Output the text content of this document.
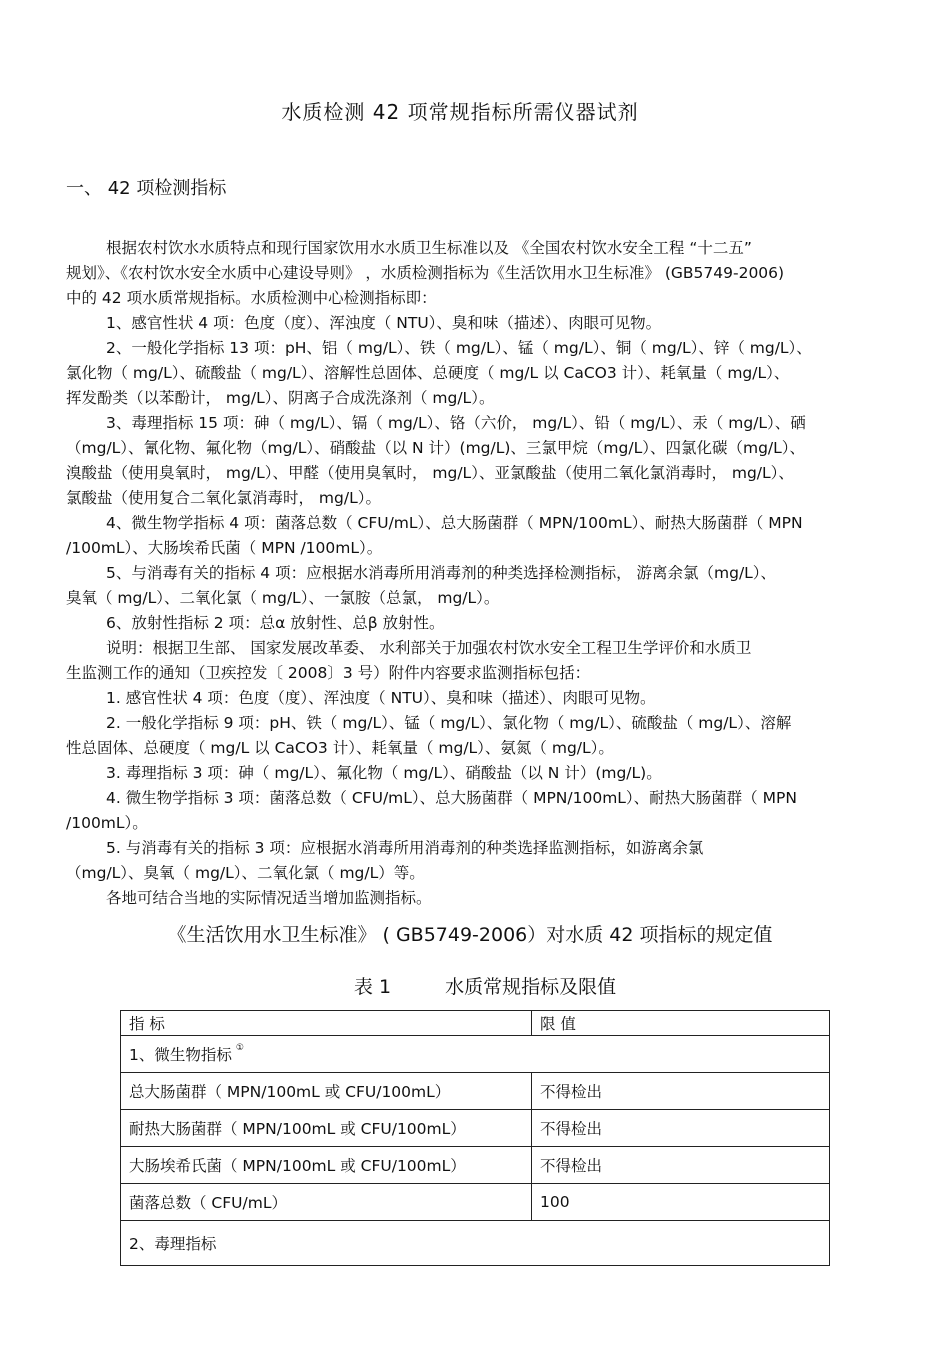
水质检测 42 项常规指标所需仪器试剂
一、 42 项检测指标

根据农村饮水水质特点和现行国家饮用水水质卫生标准以及 《全国农村饮水安全工程 “十二五”

规划》、《农村饮水安全水质中心建设导则》 ，水质检测指标为《生活饮用水卫生标准》 (GB5749-2006)

中的 42 项水质常规指标。水质检测中心检测指标即：

1、感官性状 4 项：色度（度）、浑浊度（ NTU）、臭和味（描述）、肉眼可见物。

2、一般化学指标 13 项：pH、铝（ mg/L）、铁（ mg/L）、锰（ mg/L）、铜（ mg/L）、锌（ mg/L）、

氯化物（ mg/L）、硫酸盐（ mg/L）、溶解性总固体、总硬度（ mg/L 以 CaCO3 计）、耗氧量（ mg/L）、

挥发酚类（以苯酚计， mg/L）、阴离子合成洗涤剂（ mg/L）。

3、毒理指标 15 项：砷（ mg/L）、镉（ mg/L）、铬（六价， mg/L）、铅（ mg/L）、汞（ mg/L）、硒

（mg/L）、氰化物、氟化物（mg/L）、硝酸盐（以 N 计）(mg/L)、三氯甲烷（mg/L）、四氯化碳（mg/L）、

溴酸盐（使用臭氧时， mg/L）、甲醛（使用臭氧时， mg/L）、亚氯酸盐（使用二氧化氯消毒时， mg/L）、

氯酸盐（使用复合二氧化氯消毒时， mg/L）。

4、微生物学指标 4 项：菌落总数（ CFU/mL）、总大肠菌群（ MPN/100mL）、耐热大肠菌群（ MPN

/100mL）、大肠埃希氏菌（ MPN /100mL）。

5、与消毒有关的指标 4 项：应根据水消毒所用消毒剂的种类选择检测指标， 游离余氯（mg/L）、

臭氧（ mg/L）、二氧化氯（ mg/L）、一氯胺（总氯， mg/L）。

6、放射性指标 2 项：总α 放射性、总β 放射性。

说明：根据卫生部、 国家发展改革委、 水利部关于加强农村饮水安全工程卫生学评价和水质卫

生监测工作的通知（卫疾控发〔 2008〕3 号）附件内容要求监测指标包括：

1. 感官性状 4 项：色度（度）、浑浊度（ NTU）、臭和味（描述）、肉眼可见物。

2. 一般化学指标 9 项：pH、铁（ mg/L）、锰（ mg/L）、氯化物（ mg/L）、硫酸盐（ mg/L）、溶解

性总固体、总硬度（ mg/L 以 CaCO3 计）、耗氧量（ mg/L）、氨氮（ mg/L）。

3. 毒理指标 3 项：砷（ mg/L）、氟化物（ mg/L）、硝酸盐（以 N 计）(mg/L)。

4. 微生物学指标 3 项：菌落总数（ CFU/mL）、总大肠菌群（ MPN/100mL）、耐热大肠菌群（ MPN

/100mL）。

5. 与消毒有关的指标 3 项：应根据水消毒所用消毒剂的种类选择监测指标，如游离余氯

（mg/L）、臭氧（ mg/L）、二氧化氯（ mg/L）等。

各地可结合当地的实际情况适当增加监测指标。

《生活饮用水卫生标准》 ( GB5749-2006）对水质 42 项指标的规定值
表 1	水质常规指标及限值
指 标	限 值
1、微生物指标 ①
总大肠菌群（ MPN/100mL 或 CFU/100mL）	不得检出
耐热大肠菌群（ MPN/100mL 或 CFU/100mL）	不得检出
大肠埃希氏菌（ MPN/100mL 或 CFU/100mL）	不得检出
菌落总数（ CFU/mL）	100
2、毒理指标	
